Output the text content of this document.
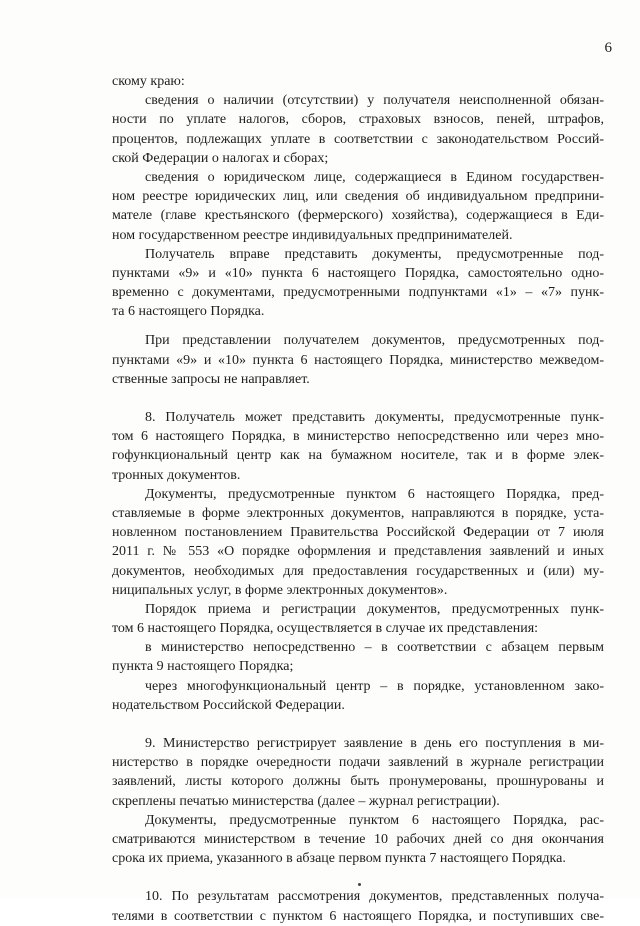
6
скому краю:
сведения о наличии (отсутствии) у получателя неисполненной обязан-
ности по уплате налогов, сборов, страховых взносов, пеней, штрафов,
процентов, подлежащих уплате в соответствии с законодательством Россий-
ской Федерации о налогах и сборах;
сведения о юридическом лице, содержащиеся в Едином государствен-
ном реестре юридических лиц, или сведения об индивидуальном предприни-
мателе (главе крестьянского (фермерского) хозяйства), содержащиеся в Еди-
ном государственном реестре индивидуальных предпринимателей.
Получатель вправе представить документы, предусмотренные под-
пунктами «9» и «10» пункта 6 настоящего Порядка, самостоятельно одно-
временно с документами, предусмотренными подпунктами «1» – «7» пунк-
та 6 настоящего Порядка.
При представлении получателем документов, предусмотренных под-
пунктами «9» и «10» пункта 6 настоящего Порядка, министерство межведом-
ственные запросы не направляет.
8. Получатель может представить документы, предусмотренные пунк-
том 6 настоящего Порядка, в министерство непосредственно или через мно-
гофункциональный центр как на бумажном носителе, так и в форме элек-
тронных документов.
Документы, предусмотренные пунктом 6 настоящего Порядка, пред-
ставляемые в форме электронных документов, направляются в порядке, уста-
новленном постановлением Правительства Российской Федерации от 7 июля
2011 г. № 553 «О порядке оформления и представления заявлений и иных
документов, необходимых для предоставления государственных и (или) му-
ниципальных услуг, в форме электронных документов».
Порядок приема и регистрации документов, предусмотренных пунк-
том 6 настоящего Порядка, осуществляется в случае их представления:
в министерство непосредственно – в соответствии с абзацем первым
пункта 9 настоящего Порядка;
через многофункциональный центр – в порядке, установленном зако-
нодательством Российской Федерации.
9. Министерство регистрирует заявление в день его поступления в ми-
нистерство в порядке очередности подачи заявлений в журнале регистрации
заявлений, листы которого должны быть пронумерованы, прошнурованы и
скреплены печатью министерства (далее – журнал регистрации).
Документы, предусмотренные пунктом 6 настоящего Порядка, рас-
сматриваются министерством в течение 10 рабочих дней со дня окончания
срока их приема, указанного в абзаце первом пункта 7 настоящего Порядка.
10. По результатам рассмотрения документов, представленных получа-
телями в соответствии с пунктом 6 настоящего Порядка, и поступивших све-
